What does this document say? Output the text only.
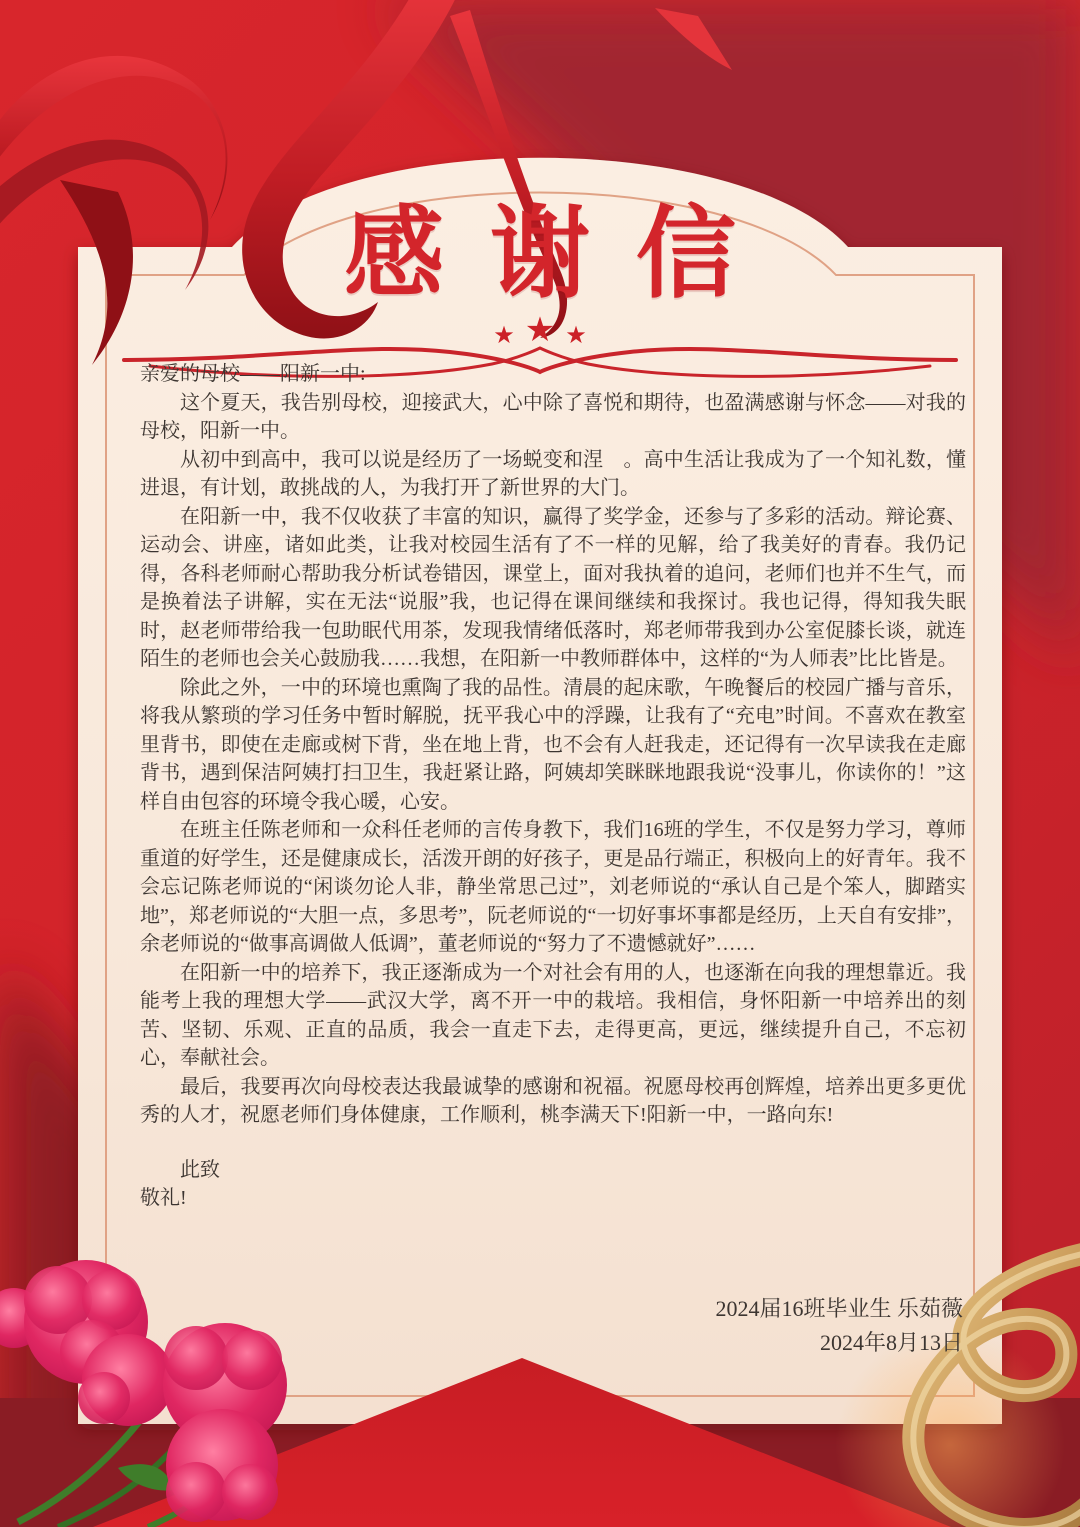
感谢信
★ ★ ★

亲爱的母校——阳新一中:

这个夏天，我告别母校，迎接武大，心中除了喜悦和期待，也盈满感谢与怀念——对我的母校，阳新一中。

从初中到高中，我可以说是经历了一场蜕变和涅　。高中生活让我成为了一个知礼数，懂进退，有计划，敢挑战的人，为我打开了新世界的大门。

在阳新一中，我不仅收获了丰富的知识，赢得了奖学金，还参与了多彩的活动。辩论赛、运动会、讲座，诸如此类，让我对校园生活有了不一样的见解，给了我美好的青春。我仍记得，各科老师耐心帮助我分析试卷错因，课堂上，面对我执着的追问，老师们也并不生气，而是换着法子讲解，实在无法“说服”我，也记得在课间继续和我探讨。我也记得，得知我失眠时，赵老师带给我一包助眠代用茶，发现我情绪低落时，郑老师带我到办公室促膝长谈，就连陌生的老师也会关心鼓励我……我想，在阳新一中教师群体中，这样的“为人师表”比比皆是。

除此之外，一中的环境也熏陶了我的品性。清晨的起床歌，午晚餐后的校园广播与音乐，将我从繁琐的学习任务中暂时解脱，抚平我心中的浮躁，让我有了“充电”时间。不喜欢在教室里背书，即使在走廊或树下背，坐在地上背，也不会有人赶我走，还记得有一次早读我在走廊背书，遇到保洁阿姨打扫卫生，我赶紧让路，阿姨却笑眯眯地跟我说“没事儿，你读你的！”这样自由包容的环境令我心暖，心安。

在班主任陈老师和一众科任老师的言传身教下，我们16班的学生，不仅是努力学习，尊师重道的好学生，还是健康成长，活泼开朗的好孩子，更是品行端正，积极向上的好青年。我不会忘记陈老师说的“闲谈勿论人非，静坐常思己过”，刘老师说的“承认自己是个笨人，脚踏实地”，郑老师说的“大胆一点，多思考”，阮老师说的“一切好事坏事都是经历，上天自有安排”，余老师说的“做事高调做人低调”，董老师说的“努力了不遗憾就好”……

在阳新一中的培养下，我正逐渐成为一个对社会有用的人，也逐渐在向我的理想靠近。我能考上我的理想大学——武汉大学，离不开一中的栽培。我相信，身怀阳新一中培养出的刻苦、坚韧、乐观、正直的品质，我会一直走下去，走得更高，更远，继续提升自己，不忘初心，奉献社会。

最后，我要再次向母校表达我最诚挚的感谢和祝福。祝愿母校再创辉煌，培养出更多更优秀的人才，祝愿老师们身体健康，工作顺利，桃李满天下!阳新一中，一路向东!

此致

敬礼!

2024届16班毕业生 乐茹薇
2024年8月13日
